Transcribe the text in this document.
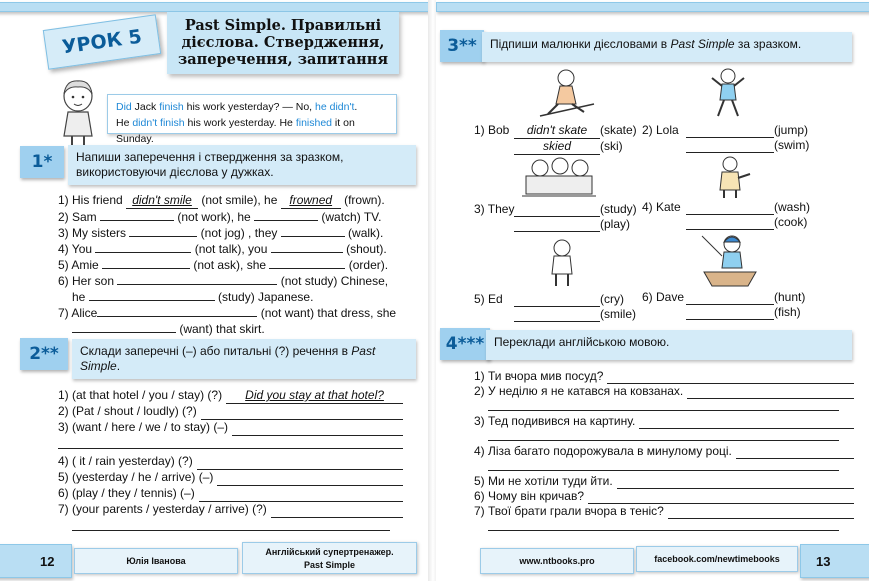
УРОК 5
Past Simple. Правильні
дієслова. Ствердження,
заперечення, запитання
Did Jack finish his work yesterday? — No, he didn't.
He didn't finish his work yesterday. He finished it on Sunday.
1*	Напиши заперечення і ствердження за зразком, використовуючи дієслова у дужках.
1) His friend didn't smile (not smile), he frowned (frown).
2) Sam	(not work), he	(watch) TV.
3) My sisters	(not jog) , they	(walk).
4) You	(not talk), you	(shout).
5) Amie	(not ask), she	(order).
6) Her son	(not study) Chinese,
he	(study) Japanese.
7) Alice	(not want) that dress, she
(want) that skirt.
2**	Склади заперечні (–) або питальні (?) речення в Past Simple.
1) (at that hotel / you / stay) (?)	Did you stay at that hotel?
2) (Pat / shout / loudly) (?)
3) (want / here / we / to stay) (–)
4) ( it / rain yesterday) (?)
5) (yesterday / he / arrive) (–)
6) (play / they / tennis) (–)
7) (your parents / yesterday / arrive) (?)
12	Юлія Іванова
Англійський супертренажер.
Past Simple
3**	Підпиши малюнки дієсловами в Past Simple за зразком.
1) Bob	didn't skate	(skate)
skied	(ski)
2) Lola	(jump)
(swim)
3) They	(study)
(play)
4) Kate	(wash)
(cook)
5) Ed	(cry)
(smile)
6) Dave	(hunt)
(fish)
4*** Переклади англійською мовою.
1) Ти вчора мив посуд?
2) У неділю я не катався на ковзанах.
3) Тед подивився на картину.
4) Ліза багато подорожувала в минулому році.
5) Ми не хотіли туди йти.
6) Чому він кричав?
7) Твої брати грали вчора в теніс?
www.ntbooks.pro	facebook.com/newtimebooks	13
